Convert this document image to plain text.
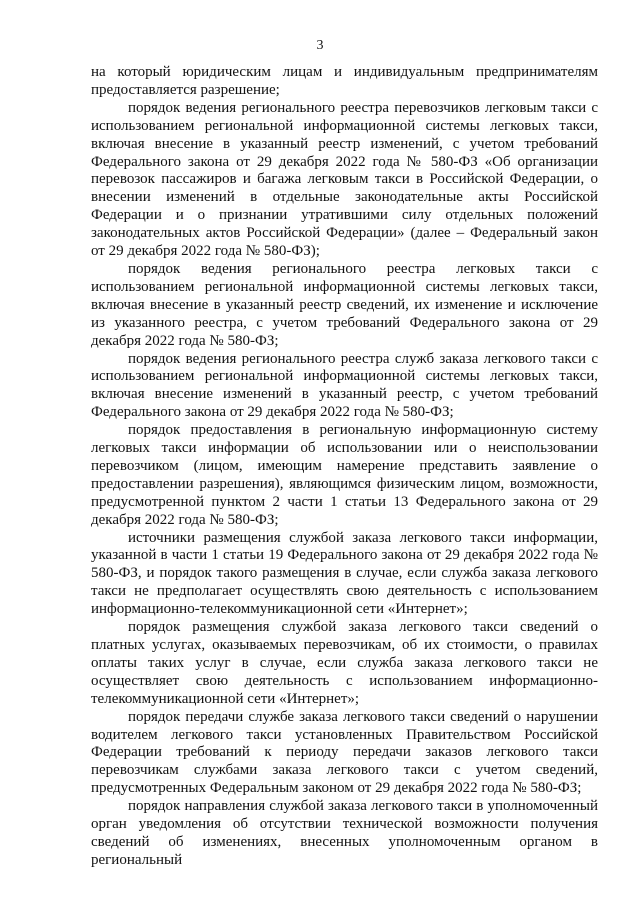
3

на который юридическим лицам и индивидуальным предпринимателям предоставляется разрешение;

порядок ведения регионального реестра перевозчиков легковым такси с использованием региональной информационной системы легковых такси, включая внесение в указанный реестр изменений, с учетом требований Федерального закона от 29 декабря 2022 года № 580-ФЗ «Об организации перевозок пассажиров и багажа легковым такси в Российской Федерации, о внесении изменений в отдельные законодательные акты Российской Федерации и о признании утратившими силу отдельных положений законодательных актов Российской Федерации» (далее – Федеральный закон от 29 декабря 2022 года № 580-ФЗ);

порядок ведения регионального реестра легковых такси с использованием региональной информационной системы легковых такси, включая внесение в указанный реестр сведений, их изменение и исключение из указанного реестра, с учетом требований Федерального закона от 29 декабря 2022 года № 580-ФЗ;

порядок ведения регионального реестра служб заказа легкового такси с использованием региональной информационной системы легковых такси, включая внесение изменений в указанный реестр, с учетом требований Федерального закона от 29 декабря 2022 года № 580-ФЗ;

порядок предоставления в региональную информационную систему легковых такси информации об использовании или о неиспользовании перевозчиком (лицом, имеющим намерение представить заявление о предоставлении разрешения), являющимся физическим лицом, возможности, предусмотренной пунктом 2 части 1 статьи 13 Федерального закона от 29 декабря 2022 года № 580-ФЗ;

источники размещения службой заказа легкового такси информации, указанной в части 1 статьи 19 Федерального закона от 29 декабря 2022 года № 580-ФЗ, и порядок такого размещения в случае, если служба заказа легкового такси не предполагает осуществлять свою деятельность с использованием информационно-телекоммуникационной сети «Интернет»;

порядок размещения службой заказа легкового такси сведений о платных услугах, оказываемых перевозчикам, об их стоимости, о правилах оплаты таких услуг в случае, если служба заказа легкового такси не осуществляет свою деятельность с использованием информационно-телекоммуникационной сети «Интернет»;

порядок передачи службе заказа легкового такси сведений о нарушении водителем легкового такси установленных Правительством Российской Федерации требований к периоду передачи заказов легкового такси перевозчикам службами заказа легкового такси с учетом сведений, предусмотренных Федеральным законом от 29 декабря 2022 года № 580-ФЗ;

порядок направления службой заказа легкового такси в уполномоченный орган уведомления об отсутствии технической возможности получения сведений об изменениях, внесенных уполномоченным органом в региональный
